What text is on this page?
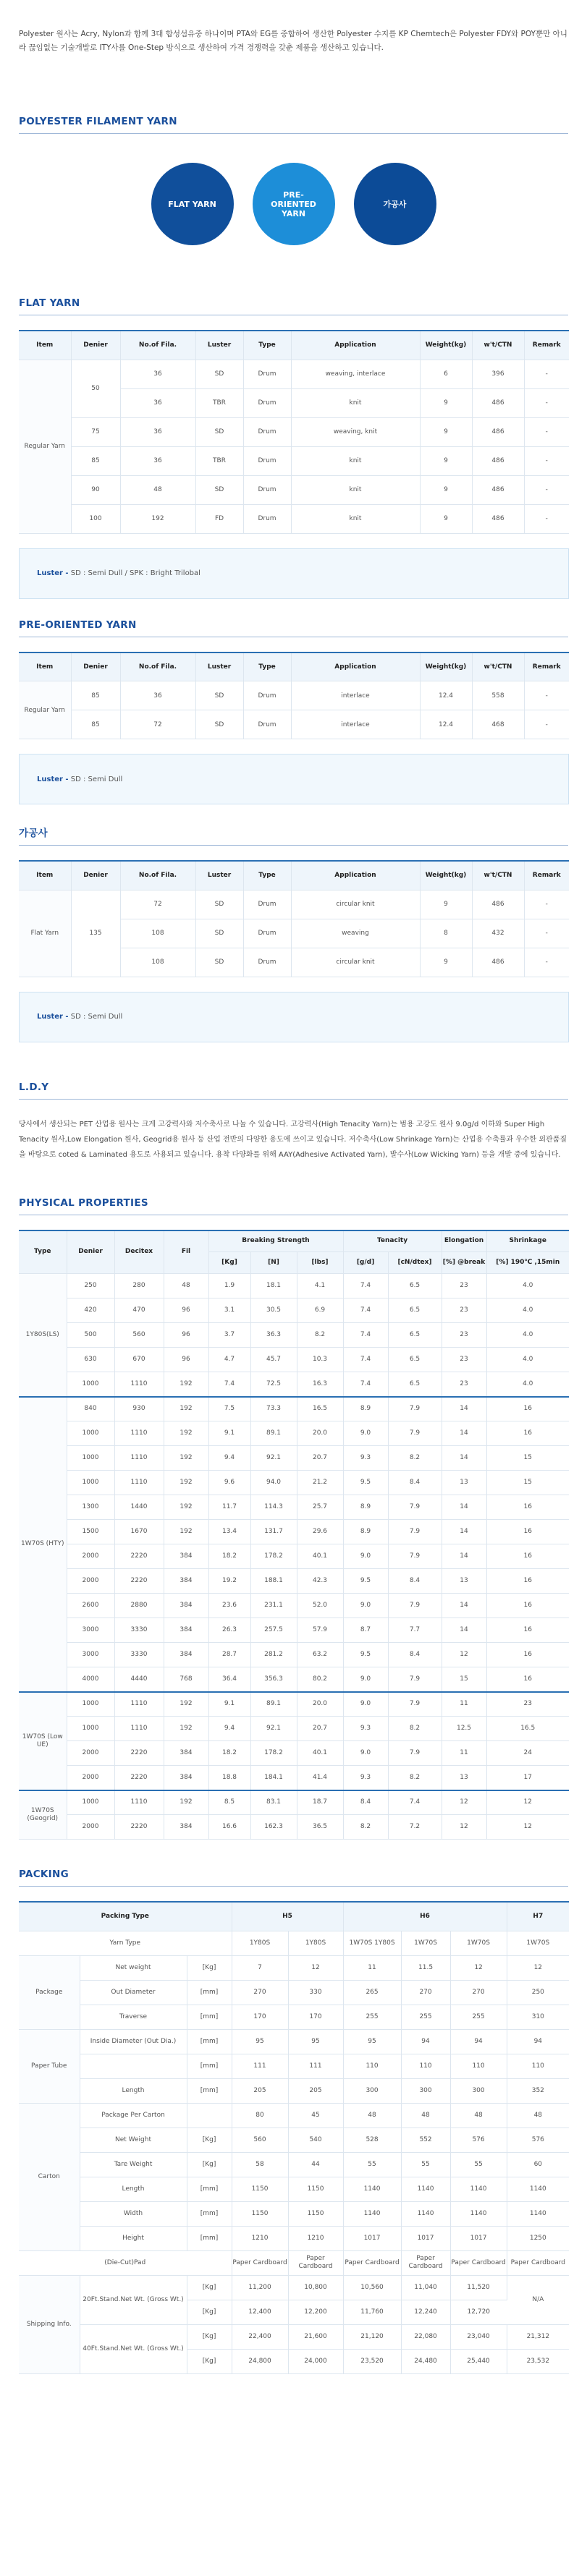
Polyester 원사는 Acry, Nylon과 함께 3대 합성섬유중 하나이며 PTA와 EG를 중합하여 생산한 Polyester 수지를 KP Chemtech은 Polyester FDY와 POY뿐만 아니라 끊임없는 기술개발로 ITY사를 One-Step 방식으로 생산하여 가격 경쟁력을 갖춘 제품을 생산하고 있습니다.

POLYESTER FILAMENT YARN
FLAT YARN
PRE-
ORIENTED
YARN
가공사
FLAT YARN
Item	Denier	No.of Fila.	Luster	Type	Application	Weight(kg)	w't/CTN	Remark
Regular Yarn	50	36	SD	Drum	weaving, interlace	6	396	-
		36	TBR	Drum	knit	9	486	-
	75	36	SD	Drum	weaving, knit	9	486	-
	85	36	TBR	Drum	knit	9	486	-
	90	48	SD	Drum	knit	9	486	-
	100	192	FD	Drum	knit	9	486	-
Luster -
SD : Semi Dull / SPK : Bright Trilobal
PRE-ORIENTED YARN
Item	Denier	No.of Fila.	Luster	Type	Application	Weight(kg)	w't/CTN	Remark
Regular Yarn	85	36	SD	Drum	interlace	12.4	558	-
	85	72	SD	Drum	interlace	12.4	468	-
Luster -
SD : Semi Dull
가공사
Item	Denier	No.of Fila.	Luster	Type	Application	Weight(kg)	w't/CTN	Remark
Flat Yarn	135	72	SD	Drum	circular knit	9	486	-
		108	SD	Drum	weaving	8	432	-
		108	SD	Drum	circular knit	9	486	-
Luster -
SD : Semi Dull
L.D.Y

당사에서 생산되는 PET 산업용 원사는 크게 고강력사와 저수축사로 나눌 수 있습니다. 고강력사(High Tenacity Yarn)는 범용 고강도 원사 9.0g/d 이하와 Super High Tenacity 원사,Low Elongation 원사, Geogrid용 원사 등 산업 전반의 다양한 용도에 쓰이고 있습니다. 저수축사(Low Shrinkage Yarn)는 산업용 수축률과 우수한 외관품질을 바탕으로 coted & Laminated 용도로 사용되고 있습니다. 용착 다양화를 위해 AAY(Adhesive Activated Yarn), 발수사(Low Wicking Yarn) 등을 개발 중에 있습니다.

PHYSICAL PROPERTIES
Type	Denier	Decitex	Fil	Breaking Strength			Tenacity		Elongation	Shrinkage
				[Kg]	[N]	[lbs]	[g/d]	[cN/dtex]	[%] @break	[%] 190℃ ,15min
1Y80S(LS)	250	280	48	1.9	18.1	4.1	7.4	6.5	23	4.0
	420	470	96	3.1	30.5	6.9	7.4	6.5	23	4.0
	500	560	96	3.7	36.3	8.2	7.4	6.5	23	4.0
	630	670	96	4.7	45.7	10.3	7.4	6.5	23	4.0
	1000	1110	192	7.4	72.5	16.3	7.4	6.5	23	4.0
1W70S (HTY)	840	930	192	7.5	73.3	16.5	8.9	7.9	14	16
	1000	1110	192	9.1	89.1	20.0	9.0	7.9	14	16
	1000	1110	192	9.4	92.1	20.7	9.3	8.2	14	15
	1000	1110	192	9.6	94.0	21.2	9.5	8.4	13	15
	1300	1440	192	11.7	114.3	25.7	8.9	7.9	14	16
	1500	1670	192	13.4	131.7	29.6	8.9	7.9	14	16
	2000	2220	384	18.2	178.2	40.1	9.0	7.9	14	16
	2000	2220	384	19.2	188.1	42.3	9.5	8.4	13	16
	2600	2880	384	23.6	231.1	52.0	9.0	7.9	14	16
	3000	3330	384	26.3	257.5	57.9	8.7	7.7	14	16
	3000	3330	384	28.7	281.2	63.2	9.5	8.4	12	16
	4000	4440	768	36.4	356.3	80.2	9.0	7.9	15	16
1W70S (Low UE)	1000	1110	192	9.1	89.1	20.0	9.0	7.9	11	23
	1000	1110	192	9.4	92.1	20.7	9.3	8.2	12.5	16.5
	2000	2220	384	18.2	178.2	40.1	9.0	7.9	11	24
	2000	2220	384	18.8	184.1	41.4	9.3	8.2	13	17
1W70S (Geogrid)	1000	1110	192	8.5	83.1	18.7	8.4	7.4	12	12
	2000	2220	384	16.6	162.3	36.5	8.2	7.2	12	12
PACKING
Packing Type			H5		H6			H7
Yarn Type			1Y80S	1Y80S	1W70S 1Y80S	1W70S	1W70S	1W70S
Package	Net weight	[Kg]	7	12	11	11.5	12	12
	Out Diameter	[mm]	270	330	265	270	270	250
	Traverse	[mm]	170	170	255	255	255	310
Paper Tube	Inside Diameter (Out Dia.)	[mm]	95	95	95	94	94	94
		[mm]	111	111	110	110	110	110
	Length	[mm]	205	205	300	300	300	352
Carton	Package Per Carton		80	45	48	48	48	48
	Net Weight	[Kg]	560	540	528	552	576	576
	Tare Weight	[Kg]	58	44	55	55	55	60
	Length	[mm]	1150	1150	1140	1140	1140	1140
	Width	[mm]	1150	1150	1140	1140	1140	1140
	Height	[mm]	1210	1210	1017	1017	1017	1250
(Die-Cut)Pad			Paper Cardboard	Paper Cardboard	Paper Cardboard	Paper Cardboard	Paper Cardboard	Paper Cardboard
Shipping Info.	20Ft.Stand.Net Wt. (Gross Wt.)	[Kg]	11,200	10,800	10,560	11,040	11,520	N/A
		[Kg]	12,400	12,200	11,760	12,240	12,720	
	40Ft.Stand.Net Wt. (Gross Wt.)	[Kg]	22,400	21,600	21,120	22,080	23,040	21,312
		[Kg]	24,800	24,000	23,520	24,480	25,440	23,532
